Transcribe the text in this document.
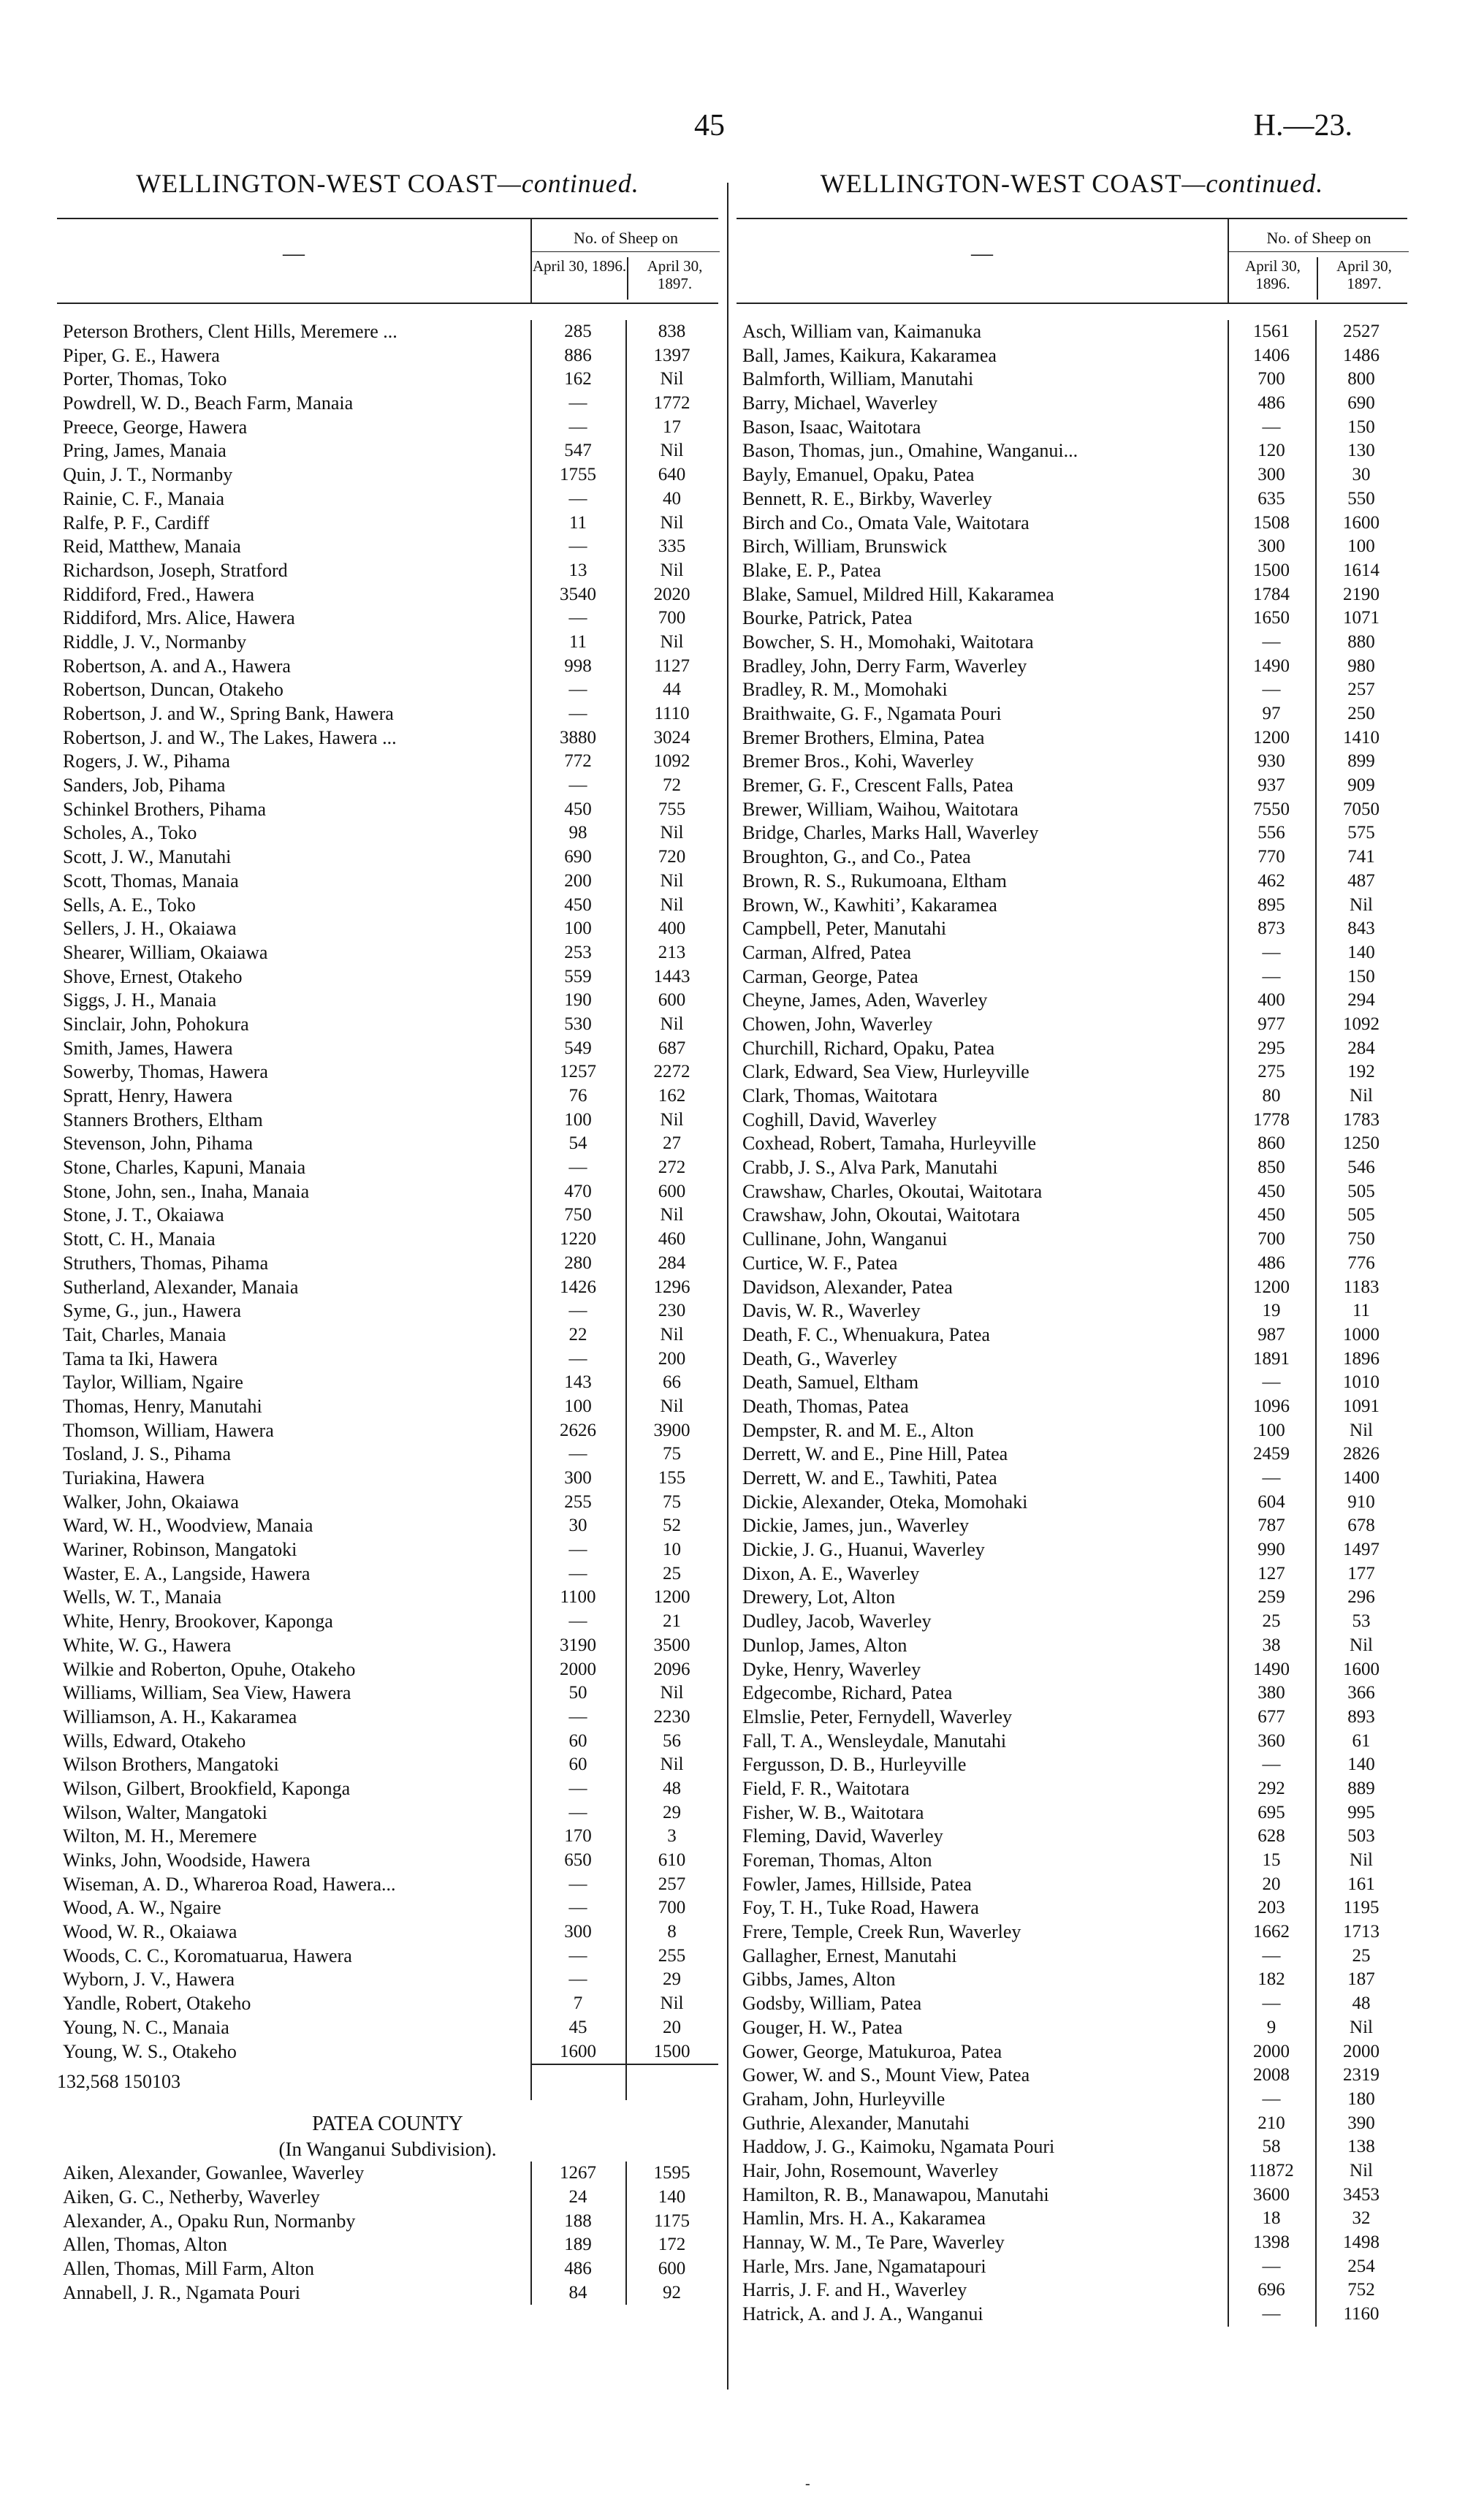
45	H.—23.
WELLINGTON-WEST COAST—continued.
—
No. of Sheep on
April 30, 1896.	April 30, 1897.
Peterson Brothers, Clent Hills, Meremere ...	285	838
Piper, G. E., Hawera	886	1397
Porter, Thomas, Toko	162	Nil
Powdrell, W. D., Beach Farm, Manaia	—	1772
Preece, George, Hawera	—	17
Pring, James, Manaia	547	Nil
Quin, J. T., Normanby	1755	640
Rainie, C. F., Manaia	—	40
Ralfe, P. F., Cardiff	11	Nil
Reid, Matthew, Manaia	—	335
Richardson, Joseph, Stratford	13	Nil
Riddiford, Fred., Hawera	3540	2020
Riddiford, Mrs. Alice, Hawera	—	700
Riddle, J. V., Normanby	11	Nil
Robertson, A. and A., Hawera	998	1127
Robertson, Duncan, Otakeho	—	44
Robertson, J. and W., Spring Bank, Hawera	—	1110
Robertson, J. and W., The Lakes, Hawera ...	3880	3024
Rogers, J. W., Pihama	772	1092
Sanders, Job, Pihama	—	72
Schinkel Brothers, Pihama	450	755
Scholes, A., Toko	98	Nil
Scott, J. W., Manutahi	690	720
Scott, Thomas, Manaia	200	Nil
Sells, A. E., Toko	450	Nil
Sellers, J. H., Okaiawa	100	400
Shearer, William, Okaiawa	253	213
Shove, Ernest, Otakeho	559	1443
Siggs, J. H., Manaia	190	600
Sinclair, John, Pohokura	530	Nil
Smith, James, Hawera	549	687
Sowerby, Thomas, Hawera	1257	2272
Spratt, Henry, Hawera	76	162
Stanners Brothers, Eltham	100	Nil
Stevenson, John, Pihama	54	27
Stone, Charles, Kapuni, Manaia	—	272
Stone, John, sen., Inaha, Manaia	470	600
Stone, J. T., Okaiawa	750	Nil
Stott, C. H., Manaia	1220	460
Struthers, Thomas, Pihama	280	284
Sutherland, Alexander, Manaia	1426	1296
Syme, G., jun., Hawera	—	230
Tait, Charles, Manaia	22	Nil
Tama ta Iki, Hawera	—	200
Taylor, William, Ngaire	143	66
Thomas, Henry, Manutahi	100	Nil
Thomson, William, Hawera	2626	3900
Tosland, J. S., Pihama	—	75
Turiakina, Hawera	300	155
Walker, John, Okaiawa	255	75
Ward, W. H., Woodview, Manaia	30	52
Wariner, Robinson, Mangatoki	—	10
Waster, E. A., Langside, Hawera	—	25
Wells, W. T., Manaia	1100	1200
White, Henry, Brookover, Kaponga	—	21
White, W. G., Hawera	3190	3500
Wilkie and Roberton, Opuhe, Otakeho	2000	2096
Williams, William, Sea View, Hawera	50	Nil
Williamson, A. H., Kakaramea	—	2230
Wills, Edward, Otakeho	60	56
Wilson Brothers, Mangatoki	60	Nil
Wilson, Gilbert, Brookfield, Kaponga	—	48
Wilson, Walter, Mangatoki	—	29
Wilton, M. H., Meremere	170	3
Winks, John, Woodside, Hawera	650	610
Wiseman, A. D., Whareroa Road, Hawera...	—	257
Wood, A. W., Ngaire	—	700
Wood, W. R., Okaiawa	300	8
Woods, C. C., Koromatuarua, Hawera	—	255
Wyborn, J. V., Hawera	—	29
Yandle, Robert, Otakeho	7	Nil
Young, N. C., Manaia	45	20
Young, W. S., Otakeho	1600	1500
132,568 150103
PATEA COUNTY
(In Wanganui Subdivision).
Aiken, Alexander, Gowanlee, Waverley	1267	1595
Aiken, G. C., Netherby, Waverley	24	140
Alexander, A., Opaku Run, Normanby	188	1175
Allen, Thomas, Alton	189	172
Allen, Thomas, Mill Farm, Alton	486	600
Annabell, J. R., Ngamata Pouri	84	92
WELLINGTON-WEST COAST—continued.
—
No. of Sheep on
April 30, 1896.
April 30, 1897.
Asch, William van, Kaimanuka	1561	2527
Ball, James, Kaikura, Kakaramea	1406	1486
Balmforth, William, Manutahi	700	800
Barry, Michael, Waverley	486	690
Bason, Isaac, Waitotara	—	150
Bason, Thomas, jun., Omahine, Wanganui...	120	130
Bayly, Emanuel, Opaku, Patea	300	30
Bennett, R. E., Birkby, Waverley	635	550
Birch and Co., Omata Vale, Waitotara	1508	1600
Birch, William, Brunswick	300	100
Blake, E. P., Patea	1500	1614
Blake, Samuel, Mildred Hill, Kakaramea	1784	2190
Bourke, Patrick, Patea	1650	1071
Bowcher, S. H., Momohaki, Waitotara	—	880
Bradley, John, Derry Farm, Waverley	1490	980
Bradley, R. M., Momohaki	—	257
Braithwaite, G. F., Ngamata Pouri	97	250
Bremer Brothers, Elmina, Patea	1200	1410
Bremer Bros., Kohi, Waverley	930	899
Bremer, G. F., Crescent Falls, Patea	937	909
Brewer, William, Waihou, Waitotara	7550	7050
Bridge, Charles, Marks Hall, Waverley	556	575
Broughton, G., and Co., Patea	770	741
Brown, R. S., Rukumoana, Eltham	462	487
Brown, W., Kawhitiʼ, Kakaramea	895	Nil
Campbell, Peter, Manutahi	873	843
Carman, Alfred, Patea	—	140
Carman, George, Patea	—	150
Cheyne, James, Aden, Waverley	400	294
Chowen, John, Waverley	977	1092
Churchill, Richard, Opaku, Patea	295	284
Clark, Edward, Sea View, Hurleyville	275	192
Clark, Thomas, Waitotara	80	Nil
Coghill, David, Waverley	1778	1783
Coxhead, Robert, Tamaha, Hurleyville	860	1250
Crabb, J. S., Alva Park, Manutahi	850	546
Crawshaw, Charles, Okoutai, Waitotara	450	505
Crawshaw, John, Okoutai, Waitotara	450	505
Cullinane, John, Wanganui	700	750
Curtice, W. F., Patea	486	776
Davidson, Alexander, Patea	1200	1183
Davis, W. R., Waverley	19	11
Death, F. C., Whenuakura, Patea	987	1000
Death, G., Waverley	1891	1896
Death, Samuel, Eltham	—	1010
Death, Thomas, Patea	1096	1091
Dempster, R. and M. E., Alton	100	Nil
Derrett, W. and E., Pine Hill, Patea	2459	2826
Derrett, W. and E., Tawhiti, Patea	—	1400
Dickie, Alexander, Oteka, Momohaki	604	910
Dickie, James, jun., Waverley	787	678
Dickie, J. G., Huanui, Waverley	990	1497
Dixon, A. E., Waverley	127	177
Drewery, Lot, Alton	259	296
Dudley, Jacob, Waverley	25	53
Dunlop, James, Alton	38	Nil
Dyke, Henry, Waverley	1490	1600
Edgecombe, Richard, Patea	380	366
Elmslie, Peter, Fernydell, Waverley	677	893
Fall, T. A., Wensleydale, Manutahi	360	61
Fergusson, D. B., Hurleyville	—	140
Field, F. R., Waitotara	292	889
Fisher, W. B., Waitotara	695	995
Fleming, David, Waverley	628	503
Foreman, Thomas, Alton	15	Nil
Fowler, James, Hillside, Patea	20	161
Foy, T. H., Tuke Road, Hawera	203	1195
Frere, Temple, Creek Run, Waverley	1662	1713
Gallagher, Ernest, Manutahi	—	25
Gibbs, James, Alton	182	187
Godsby, William, Patea	—	48
Gouger, H. W., Patea	9	Nil
Gower, George, Matukuroa, Patea	2000	2000
Gower, W. and S., Mount View, Patea	2008	2319
Graham, John, Hurleyville	—	180
Guthrie, Alexander, Manutahi	210	390
Haddow, J. G., Kaimoku, Ngamata Pouri	58	138
Hair, John, Rosemount, Waverley	11872	Nil
Hamilton, R. B., Manawapou, Manutahi	3600	3453
Hamlin, Mrs. H. A., Kakaramea	18	32
Hannay, W. M., Te Pare, Waverley	1398	1498
Harle, Mrs. Jane, Ngamatapouri	—	254
Harris, J. F. and H., Waverley	696	752
Hatrick, A. and J. A., Wanganui	—	1160
-
